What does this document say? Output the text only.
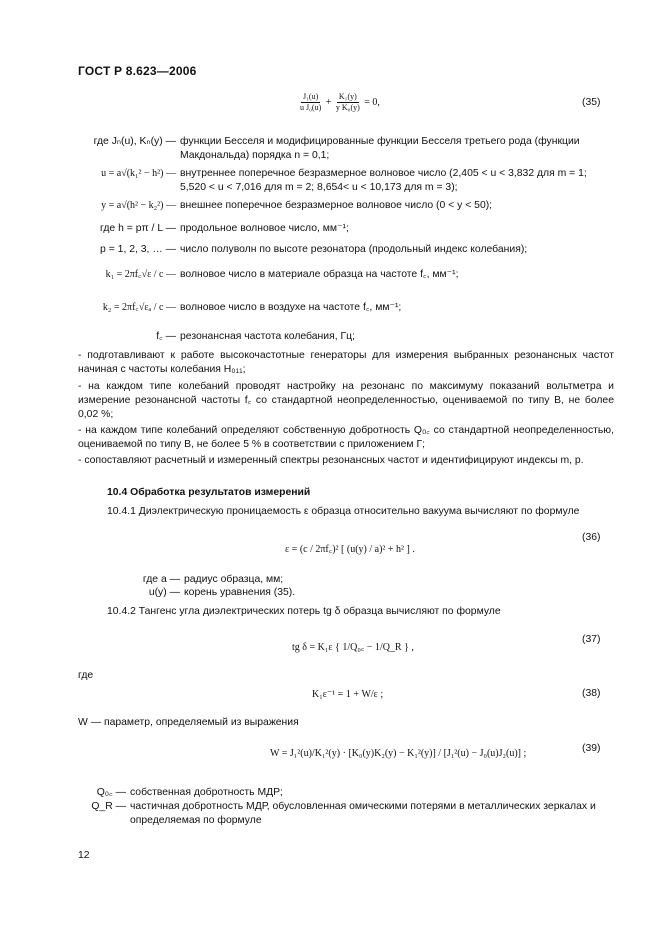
ГОСТ Р 8.623—2006
$\frac{\text{J₁(u)}}{\text{u J₀(u)}} + \frac{\text{K₁(y)}}{\text{y K₀(y)}} = 0$,	(35)
где Jₙ(u), Kₙ(y) — функции Бесселя и модифицированные функции Бесселя третьего рода (функции Макдональда) порядка n = 0,1;
u = a√(k₁² − h²) — внутреннее поперечное безразмерное волновое число (2,405 < u < 3,832 для m = 1; 5,520 < u < 7,016 для m = 2; 8,654< u < 10,173 для m = 3);
y = a√(h² − k₂²) — внешнее поперечное безразмерное волновое число (0 < y < 50);
где h = pπ / L — продольное волновое число, мм⁻¹;
p = 1, 2, 3, … — число полуволн по высоте резонатора (продольный индекс колебания);
k₁ = 2πf꜀√ε / c — волновое число в материале образца на частоте f꜀, мм⁻¹;
k₂ = 2πf꜀√εₐ / c — волновое число в воздухе на частоте f꜀, мм⁻¹;
f꜀ — резонансная частота колебания, Гц;
- подготавливают к работе высокочастотные генераторы для измерения выбранных резонансных частот начиная с частоты колебания H₀₁₁;
- на каждом типе колебаний проводят настройку на резонанс по максимуму показаний вольтметра и измерение резонансной частоты f꜀ со стандартной неопределенностью, оцениваемой по типу В, не более 0,02 %;
- на каждом типе колебаний определяют собственную добротность Q₀꜀ со стандартной неопределенностью, оцениваемой по типу В, не более 5 % в соответствии с приложением Г;
- сопоставляют расчетный и измеренный спектры резонансных частот и идентифицируют индексы m, p.
10.4 Обработка результатов измерений
10.4.1 Диэлектрическую проницаемость ε образца относительно вакуума вычисляют по формуле
ε = (c / 2πf꜀)² [ (u(y) / a)² + h² ] .
(36)
где a — радиус образца, мм;
u(y) — корень уравнения (35).
10.4.2 Тангенс угла диэлектрических потерь tg δ образца вычисляют по формуле
tg δ = K₁ε { 1/Q₀꜀ − 1/Q_R } ,
(37)
где
K₁ε⁻¹ = 1 + W/ε ;	(38)
W — параметр, определяемый из выражения
W = J₁²(u)/K₁²(y) · [K₀(y)K₂(y) − K₁²(y)] / [J₁²(u) − J₀(u)J₂(u)] ;	(39)
Q₀꜀ — собственная добротность МДР;
Q_R — частичная добротность МДР, обусловленная омическими потерями в металлических зеркалах и определяемая по формуле
12
